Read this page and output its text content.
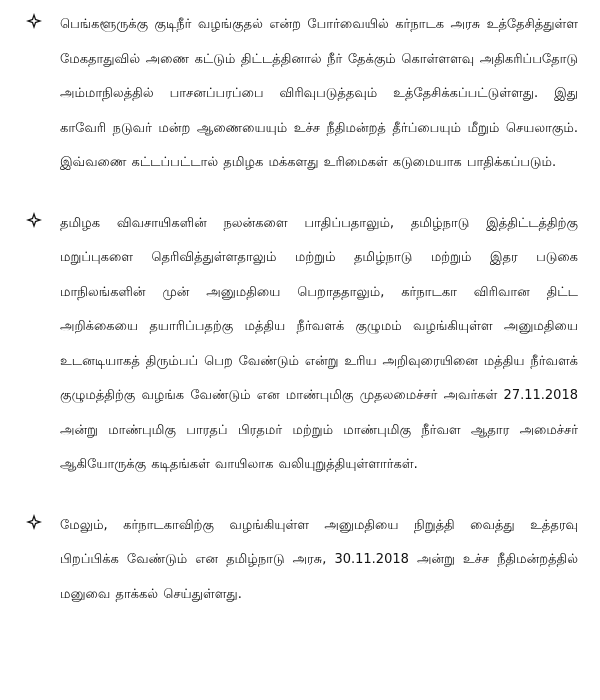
பெங்களூருக்கு குடிநீர் வழங்குதல் என்ற போர்வையில் கர்நாடக அரசு உத்தேசித்துள்ள மேகதாதுவில் அணை கட்டும் திட்டத்தினால் நீர் தேக்கும் கொள்ளளவு அதிகரிப்பதோடு அம்மாநிலத்தில் பாசனப்பரப்பை விரிவுபடுத்தவும் உத்தேசிக்கப்பட்டுள்ளது. இது காவேரி நடுவர் மன்ற ஆணையையும் உச்ச நீதிமன்றத் தீர்ப்பையும் மீறும் செயலாகும். இவ்வணை கட்டப்பட்டால் தமிழக மக்களது உரிமைகள் கடுமையாக பாதிக்கப்படும்.
தமிழக விவசாயிகளின் நலன்களை பாதிப்பதாலும், தமிழ்நாடு இத்திட்டத்திற்கு மறுப்புகளை தெரிவித்துள்ளதாலும் மற்றும் தமிழ்நாடு மற்றும் இதர படுகை மாநிலங்களின் முன் அனுமதியை பெறாததாலும், கர்நாடகா விரிவான திட்ட அறிக்கையை தயாரிப்பதற்கு மத்திய நீர்வளக் குழுமம் வழங்கியுள்ள அனுமதியை உடனடியாகத் திரும்பப் பெற வேண்டும் என்று உரிய அறிவுரையினை மத்திய நீர்வளக் குழுமத்திற்கு வழங்க வேண்டும் என மாண்புமிகு முதலமைச்சர் அவர்கள் 27.11.2018 அன்று மாண்புமிகு பாரதப் பிரதமர் மற்றும் மாண்புமிகு நீர்வள ஆதார அமைச்சர் ஆகியோருக்கு கடிதங்கள் வாயிலாக வலியுறுத்தியுள்ளார்கள்.
மேலும், கர்நாடகாவிற்கு வழங்கியுள்ள அனுமதியை நிறுத்தி வைத்து உத்தரவு பிறப்பிக்க வேண்டும் என தமிழ்நாடு அரசு, 30.11.2018 அன்று உச்ச நீதிமன்றத்தில் மனுவை தாக்கல் செய்துள்ளது.
